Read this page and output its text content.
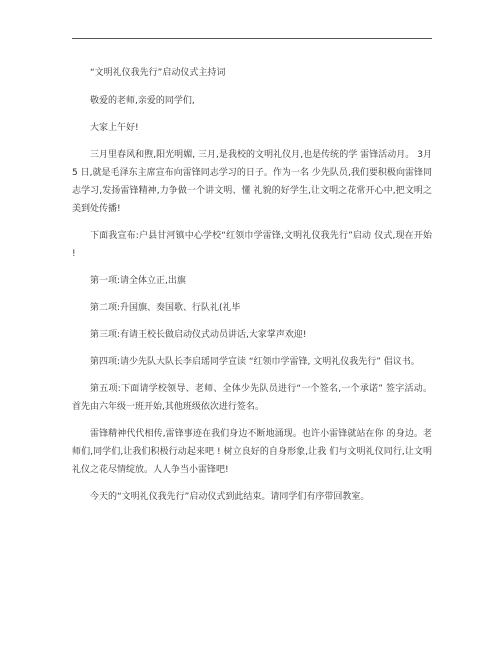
“文明礼仪我先行”启动仪式主持词

敬爱的老师,亲爱的同学们,

大家上午好!

三月里春风和煦,阳光明媚, 三月,是我校的文明礼仪月,也是传统的学 雷锋活动月。 3月 5 日,就是毛泽东主席宣布向雷锋同志学习的日子。作为一名 少先队员,我们要积极向雷锋同志学习,发扬雷锋精神,力争做一个讲文明、懂 礼貌的好学生,让文明之花常开心中,把文明之美到处传播!

下面我宣布:户县甘河镇中心学校“红领巾学雷锋,文明礼仪我先行”启动 仪式,现在开始 !

第一项:请全体立正,出旗

第二项:升国旗、奏国歌、行队礼(礼毕

第三项:有请王校长做启动仪式动员讲话,大家掌声欢迎!

第四项:请少先队大队长李启瑶同学宣读 “红领巾学雷锋, 文明礼仪我先行” 倡议书。

第五项:下面请学校领导、老师、全体少先队员进行“一个签名,一个承诺” 签字活动。首先由六年级一班开始,其他班级依次进行签名。

雷锋精神代代相传,雷锋事迹在我们身边不断地涌现。也许小雷锋就站在你 的身边。老师们,同学们,让我们积极行动起来吧 ! 树立良好的自身形象,让我 们与文明礼仪同行,让文明礼仪之花尽情绽放。人人争当小雷锋吧!

今天的“文明礼仪我先行”启动仪式到此结束。请同学们有序带回教室。
